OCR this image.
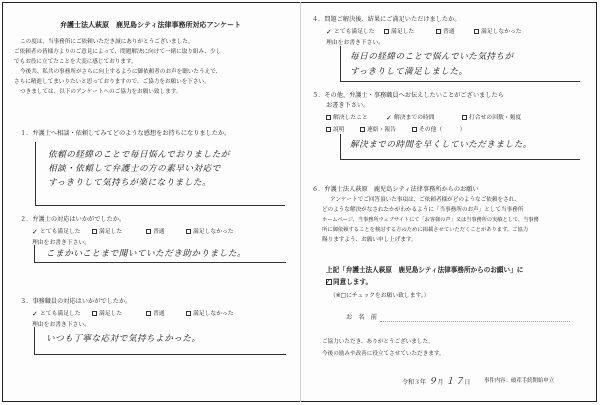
弁護士法人萩原　鹿児島シティ法律事務所対応アンケート
この度は、当事務所にご依頼いただき誠にありがとうございました。
ご依頼者の皆様方よりのご意見によって、問題解決に向けて一緒に取り組み、少し
でもお役に立てたことを大変に感じております。
今後共、私共の事務所がさらに向上するように御依頼者のお声を聴いたうえで、
さらに精進してまいりたいと思っておりますので、ご協力をお願いを下さい。
つきましては、以下のアンケートへのご協力をお願い致します。
１．弁護士へ相談・依頼してみてどのような感想をお持ちになりましたか。
依頼の経緯のことで毎日悩んでおりましたが
相談・依頼して弁護士の方の素早い対応で
すっきりして気持ちが楽になりました。
２．弁護士の対応はいかがでしたか。
✓ とても満足した	満足した	普通	満足しなかった
理由をお書き下さい。
こまかいことまで聞いていただき助かりました。
３．事務職員の対応はいかがでしたか。
✓ とても満足した	満足した	普通	満足しなかった
理由をお書き下さい。
いつも丁寧な応対で気持ちよかった。
４．問題ご解決後、結果にご満足いただけましたか。
✓ とても満足した	満足した	普通	満足しなかった
理由をお書き下さい。
毎日の経緯のことで悩んでいた気持ちが
すっきりして満足しました。
５．その他、弁護士・事務職員へお伝えしたいことがございましたら
お書き下さい。
解決したこと	✓ 解決までの時間	打合せの回数・頻度
説明	連絡・報告	その他（　　　）
解決までの時間を早くしていただきました。
６．弁護士法人萩原　鹿児島シティ法律事務所からのお願い
アンケートでご回答頂いた事項は、ご依頼者様がどのようなご依頼をされ、
どのような解決がなされたかがわかるように「当事務所のお声」として当事務所
ホームページ、当事務所ウェブサイトにて「お客様の声」又は当事務所の実績として、当事務
所に御依頼することを検討する方のために掲載させていただくことがあります。ご協力
賜りますよう、お願い申し上げます。
上記「弁護士法人萩原　鹿児島シティ法律事務所からのお願い」に
✓ 同意します。
（※□にチェックをお願い致します。）
お　名　前
ご協力いただき、ありがとうございました。
今後の励みや改善に役立てさせていただきます。
令和３年 ９月 １７日	事件内容：破産手続開始申立
